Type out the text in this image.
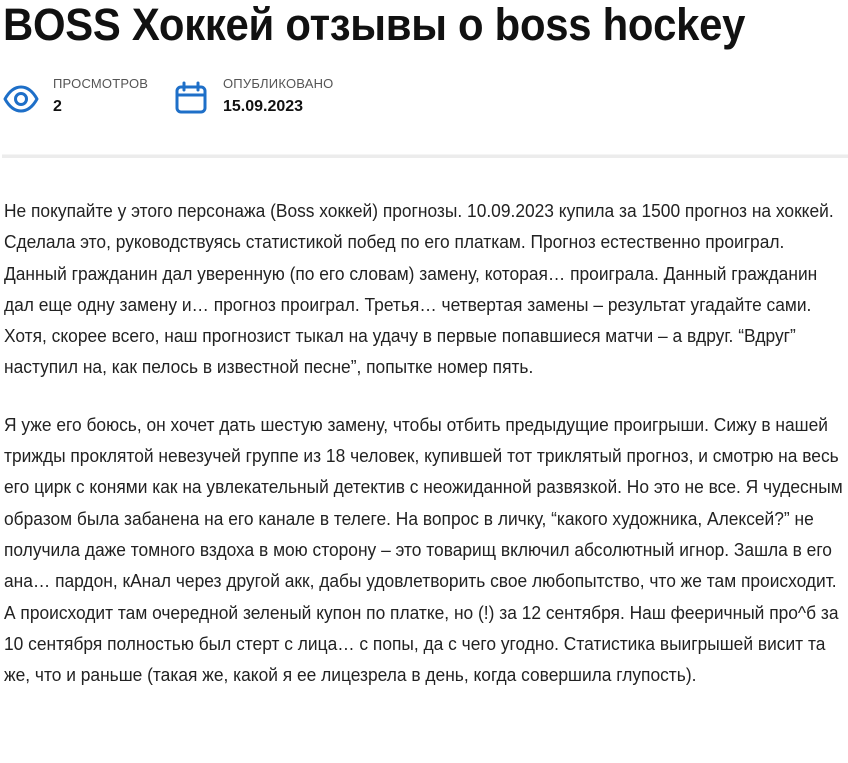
BOSS Хоккей отзывы о boss hockey
ПРОСМОТРОВ
2
ОПУБЛИКОВАНО
15.09.2023

Не покупайте у этого персонажа (Boss хоккей) прогнозы. 10.09.2023 купила за 1500 прогноз на хоккей. Сделала это, руководствуясь статистикой побед по его платкам. Прогноз естественно проиграл. Данный гражданин дал уверенную (по его словам) замену, которая… проиграла. Данный гражданин дал еще одну замену и… прогноз проиграл. Третья… четвертая замены – результат угадайте сами. Хотя, скорее всего, наш прогнозист тыкал на удачу в первые попавшиеся матчи – а вдруг. “Вдруг” наступил на, как пелось в известной песне”, попытке номер пять.

Я уже его боюсь, он хочет дать шестую замену, чтобы отбить предыдущие проигрыши. Сижу в нашей трижды проклятой невезучей группе из 18 человек, купившей тот триклятый прогноз, и смотрю на весь его цирк с конями как на увлекательный детектив с неожиданной развязкой. Но это не все. Я чудесным образом была забанена на его канале в телеге. На вопрос в личку, “какого художника, Алексей?” не получила даже томного вздоха в мою сторону – это товарищ включил абсолютный игнор. Зашла в его ана… пардон, кАнал через другой акк, дабы удовлетворить свое любопытство, что же там происходит. А происходит там очередной зеленый купон по платке, но (!) за 12 сентября. Наш фееричный про^б за 10 сентября полностью был стерт с лица… с попы, да с чего угодно. Статистика выигрышей висит та же, что и раньше (такая же, какой я ее лицезрела в день, когда совершила глупость).
